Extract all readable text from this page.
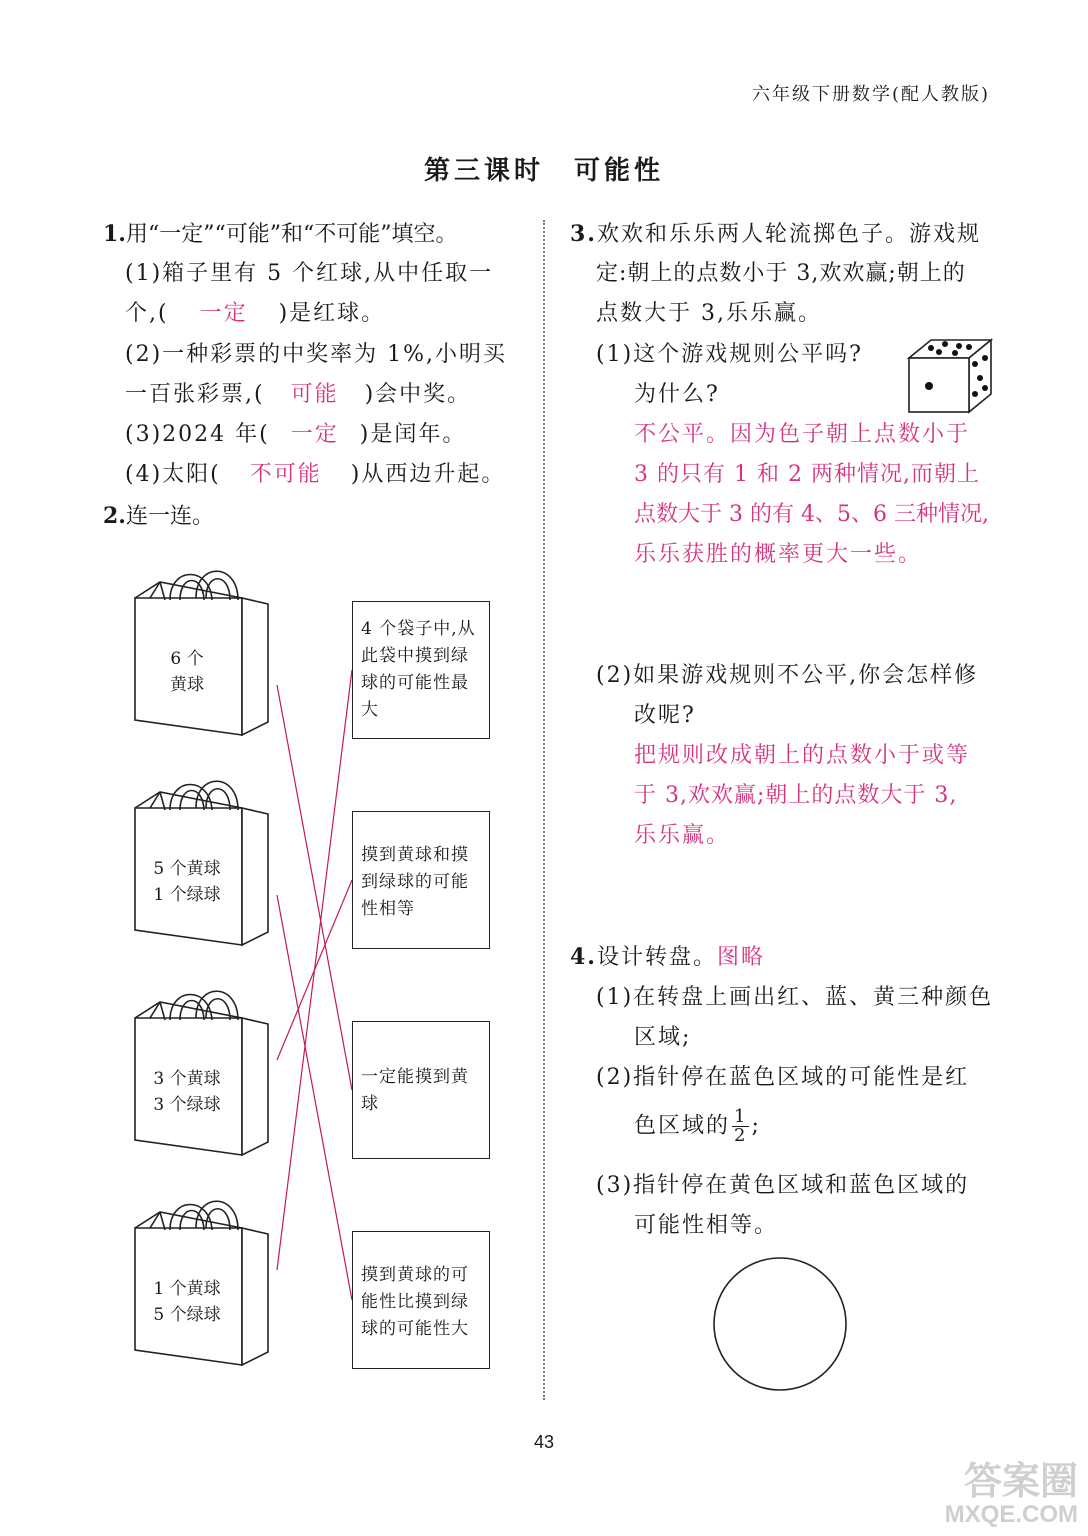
六年级下册数学(配人教版)
第三课时　可能性
1.用“一定”“可能”和“不可能”填空。
(1)箱子里有 5 个红球,从中任取一
个,( 一定 )是红球。
(2)一种彩票的中奖率为 1%,小明买
一百张彩票,( 可能 )会中奖。
(3)2024 年( 一定 )是闰年。
(4)太阳( 不可能 )从西边升起。
2.连一连。
6 个
黄球
5 个黄球
1 个绿球
3 个黄球
3 个绿球
1 个黄球
5 个绿球
4 个袋子中,从此袋中摸到绿球的可能性最大
摸到黄球和摸到绿球的可能性相等
一定能摸到黄球
摸到黄球的可能性比摸到绿球的可能性大
3.欢欢和乐乐两人轮流掷色子。游戏规
定:朝上的点数小于 3,欢欢赢;朝上的
点数大于 3,乐乐赢。
(1)这个游戏规则公平吗?
为什么?
不公平。因为色子朝上点数小于
3 的只有 1 和 2 两种情况,而朝上
点数大于 3 的有 4、5、6 三种情况,
乐乐获胜的概率更大一些。
(2)如果游戏规则不公平,你会怎样修
改呢?
把规则改成朝上的点数小于或等
于 3,欢欢赢;朝上的点数大于 3,
乐乐赢。
4.设计转盘。图略
(1)在转盘上画出红、蓝、黄三种颜色
区域;
(2)指针停在蓝色区域的可能性是红
色区域的 $\frac{1}{2}$ ;
(3)指针停在黄色区域和蓝色区域的
可能性相等。
43
答案圈
MXQE.COM
